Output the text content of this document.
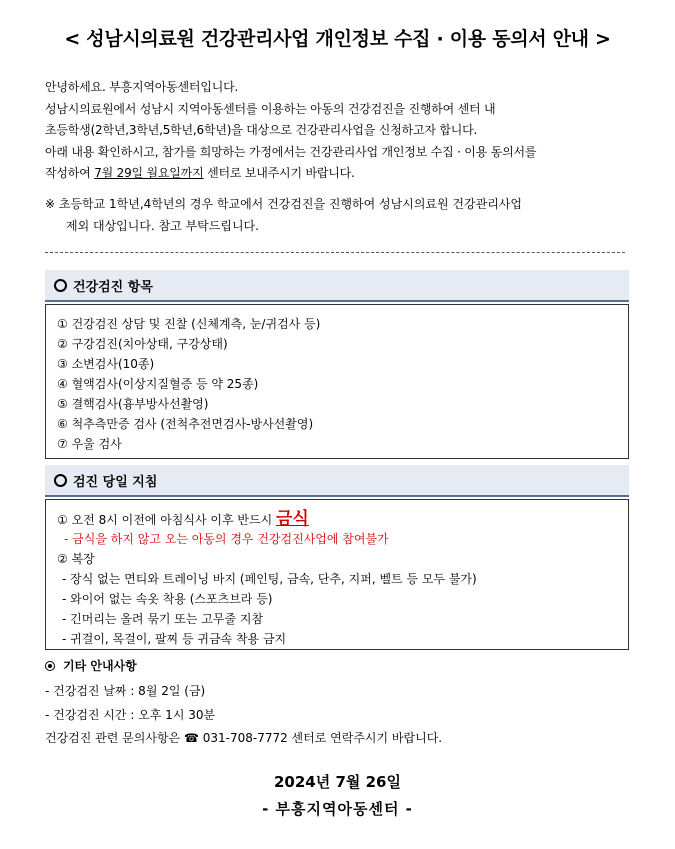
< 성남시의료원 건강관리사업 개인정보 수집 · 이용 동의서 안내 >
안녕하세요. 부흥지역아동센터입니다.
성남시의료원에서 성남시 지역아동센터를 이용하는 아동의 건강검진을 진행하여 센터 내
초등학생(2학년,3학년,5학년,6학년)을 대상으로 건강관리사업을 신청하고자 합니다.
아래 내용 확인하시고, 참가를 희망하는 가정에서는 건강관리사업 개인정보 수집 · 이용 동의서를
작성하여 7월 29일 월요일까지 센터로 보내주시기 바랍니다.
※ 초등학교 1학년,4학년의 경우 학교에서 건강검진을 진행하여 성남시의료원 건강관리사업
제외 대상입니다. 참고 부탁드립니다.
건강검진 항목
① 건강검진 상담 및 진찰 (신체계측, 눈/귀검사 등)
② 구강검진(치아상태, 구강상태)
③ 소변검사(10종)
④ 혈액검사(이상지질혈증 등 약 25종)
⑤ 결핵검사(흉부방사선촬영)
⑥ 척추측만증 검사 (전척추전면검사-방사선촬영)
⑦ 우울 검사
검진 당일 지침
① 오전 8시 이전에 아침식사 이후 반드시 금식
- 금식을 하지 않고 오는 아동의 경우 건강검진사업에 참여불가
② 복장
- 장식 없는 면티와 트레이닝 바지 (페인팅, 금속, 단추, 지퍼, 벨트 등 모두 불가)
- 와이어 없는 속옷 착용 (스포츠브라 등)
- 긴머리는 올려 묶기 또는 고무줄 지참
- 귀걸이, 목걸이, 팔찌 등 귀금속 착용 금지
기타 안내사항
- 건강검진 날짜 : 8월 2일 (금)
- 건강검진 시간 : 오후 1시 30분
건강검진 관련 문의사항은 ☎ 031-708-7772 센터로 연락주시기 바랍니다.
2024년 7월 26일
- 부흥지역아동센터 -
